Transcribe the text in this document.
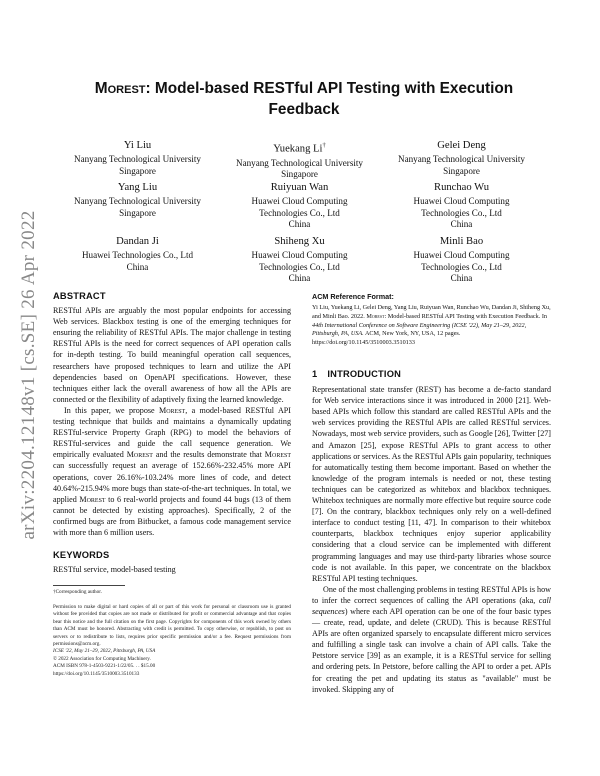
arXiv:2204.12148v1 [cs.SE] 26 Apr 2022
Morest: Model-based RESTful API Testing with Execution
Feedback
Yi Liu
Nanyang Technological University
Singapore
Yuekang Li†
Nanyang Technological University
Singapore
Gelei Deng
Nanyang Technological University
Singapore
Yang Liu
Nanyang Technological University
Singapore
Ruiyuan Wan
Huawei Cloud Computing
Technologies Co., Ltd
China
Runchao Wu
Huawei Cloud Computing
Technologies Co., Ltd
China
Dandan Ji
Huawei Technologies Co., Ltd
China
Shiheng Xu
Huawei Cloud Computing
Technologies Co., Ltd
China
Minli Bao
Huawei Cloud Computing
Technologies Co., Ltd
China
ABSTRACT

RESTful APIs are arguably the most popular endpoints for accessing Web services. Blackbox testing is one of the emerging techniques for ensuring the reliability of RESTful APIs. The major challenge in testing RESTful APIs is the need for correct sequences of API operation calls for in-depth testing. To build meaningful operation call sequences, researchers have proposed techniques to learn and utilize the API dependencies based on OpenAPI specifications. However, these techniques either lack the overall awareness of how all the APIs are connected or the flexibility of adaptively fixing the learned knowledge.

In this paper, we propose Morest, a model-based RESTful API testing technique that builds and maintains a dynamically updating RESTful-service Property Graph (RPG) to model the behaviors of RESTful-services and guide the call sequence generation. We empirically evaluated Morest and the results demonstrate that Morest can successfully request an average of 152.66%-232.45% more API operations, cover 26.16%-103.24% more lines of code, and detect 40.64%-215.94% more bugs than state-of-the-art techniques. In total, we applied Morest to 6 real-world projects and found 44 bugs (13 of them cannot be detected by existing approaches). Specifically, 2 of the confirmed bugs are from Bitbucket, a famous code management service with more than 6 million users.

KEYWORDS

RESTful service, model-based testing

†Corresponding author.

Permission to make digital or hard copies of all or part of this work for personal or classroom use is granted without fee provided that copies are not made or distributed for profit or commercial advantage and that copies bear this notice and the full citation on the first page. Copyrights for components of this work owned by others than ACM must be honored. Abstracting with credit is permitted. To copy otherwise, or republish, to post on servers or to redistribute to lists, requires prior specific permission and/or a fee. Request permissions from permissions@acm.org.

ICSE '22, May 21–29, 2022, Pittsburgh, PA, USA

© 2022 Association for Computing Machinery.

ACM ISBN 978-1-4503-9221-1/22/05. . . $15.00

https://doi.org/10.1145/3510003.3510133

ACM Reference Format:

Yi Liu, Yuekang Li, Gelei Deng, Yang Liu, Ruiyuan Wan, Runchao Wu, Dandan Ji, Shiheng Xu, and Minli Bao. 2022. Morest: Model-based RESTful API Testing with Execution Feedback. In 44th International Conference on Software Engineering (ICSE '22), May 21–29, 2022, Pittsburgh, PA, USA. ACM, New York, NY, USA, 12 pages. https://doi.org/10.1145/3510003.3510133

1 INTRODUCTION

Representational state transfer (REST) has become a de-facto standard for Web service interactions since it was introduced in 2000 [21]. Web-based APIs which follow this standard are called RESTful APIs and the web services providing the RESTful APIs are called RESTful services. Nowadays, most web service providers, such as Google [26], Twitter [27] and Amazon [25], expose RESTful APIs to grant access to other applications or services. As the RESTful APIs gain popularity, techniques for automatically testing them become important. Based on whether the knowledge of the program internals is needed or not, these testing techniques can be categorized as whitebox and blackbox techniques. Whitebox techniques are normally more effective but require source code [7]. On the contrary, blackbox techniques only rely on a well-defined interface to conduct testing [11, 47]. In comparison to their whitebox counterparts, blackbox techniques enjoy superior applicability considering that a cloud service can be implemented with different programming languages and may use third-party libraries whose source code is not available. In this paper, we concentrate on the blackbox RESTful API testing techniques.

One of the most challenging problems in testing RESTful APIs is how to infer the correct sequences of calling the API operations (aka, call sequences) where each API operation can be one of the four basic types — create, read, update, and delete (CRUD). This is because RESTful APIs are often organized sparsely to encapsulate different micro services and fulfilling a single task can involve a chain of API calls. Take the Petstore service [39] as an example, it is a RESTful service for selling and ordering pets. In Petstore, before calling the API to order a pet. APIs for creating the pet and updating its status as "available" must be invoked. Skipping any of
